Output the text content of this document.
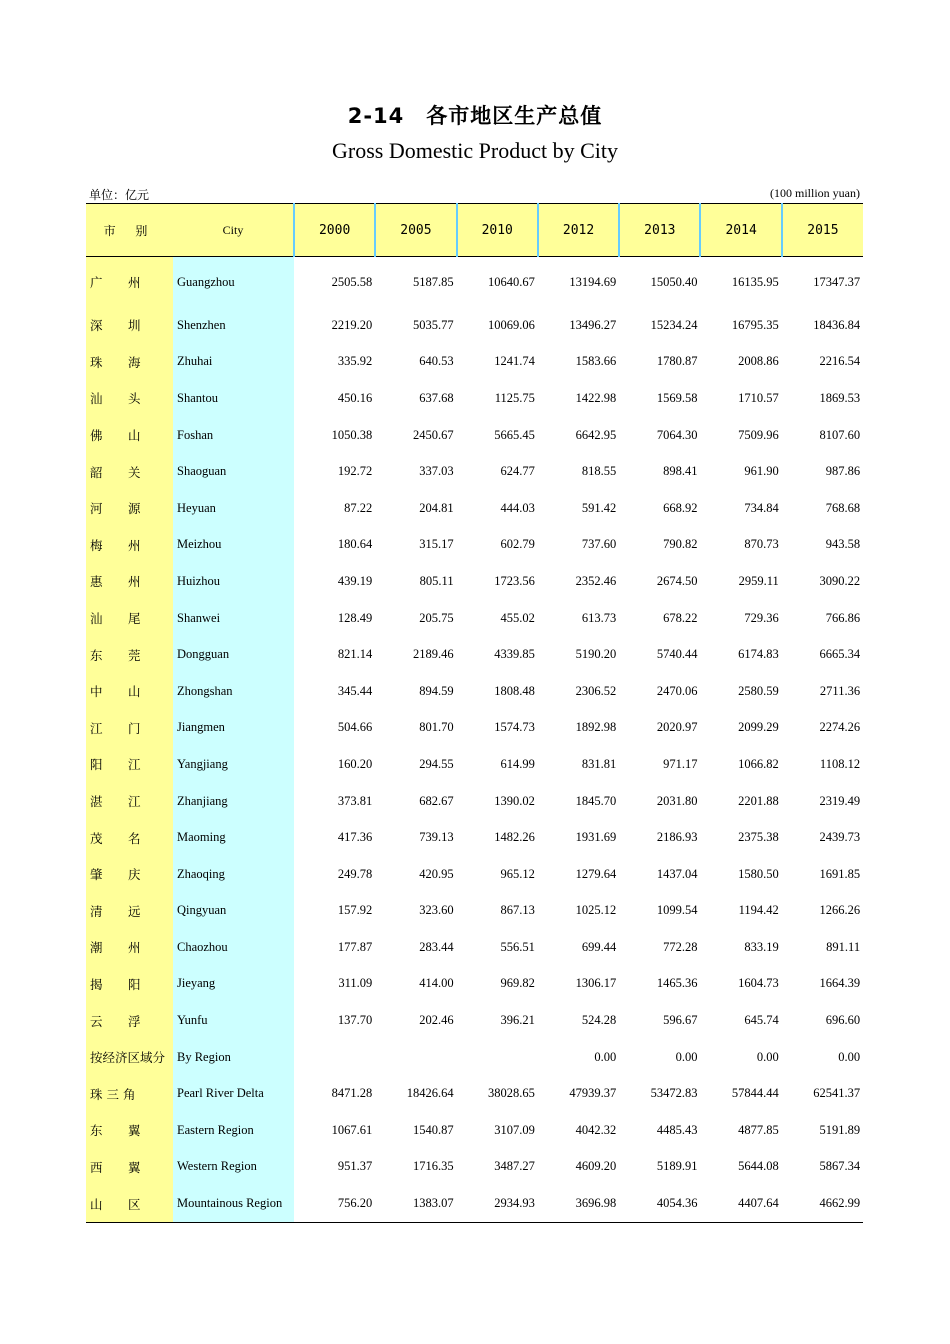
2-14　各市地区生产总值
Gross Domestic Product by City
单位：亿元	(100 million yuan)
市 别	City	2000	2005	2010	2012	2013	2014	2015
广 州	Guangzhou	2505.58	5187.85	10640.67	13194.69	15050.40	16135.95	17347.37
深 圳	Shenzhen	2219.20	5035.77	10069.06	13496.27	15234.24	16795.35	18436.84
珠 海	Zhuhai	335.92	640.53	1241.74	1583.66	1780.87	2008.86	2216.54
汕 头	Shantou	450.16	637.68	1125.75	1422.98	1569.58	1710.57	1869.53
佛 山	Foshan	1050.38	2450.67	5665.45	6642.95	7064.30	7509.96	8107.60
韶 关	Shaoguan	192.72	337.03	624.77	818.55	898.41	961.90	987.86
河 源	Heyuan	87.22	204.81	444.03	591.42	668.92	734.84	768.68
梅 州	Meizhou	180.64	315.17	602.79	737.60	790.82	870.73	943.58
惠 州	Huizhou	439.19	805.11	1723.56	2352.46	2674.50	2959.11	3090.22
汕 尾	Shanwei	128.49	205.75	455.02	613.73	678.22	729.36	766.86
东 莞	Dongguan	821.14	2189.46	4339.85	5190.20	5740.44	6174.83	6665.34
中 山	Zhongshan	345.44	894.59	1808.48	2306.52	2470.06	2580.59	2711.36
江 门	Jiangmen	504.66	801.70	1574.73	1892.98	2020.97	2099.29	2274.26
阳 江	Yangjiang	160.20	294.55	614.99	831.81	971.17	1066.82	1108.12
湛 江	Zhanjiang	373.81	682.67	1390.02	1845.70	2031.80	2201.88	2319.49
茂 名	Maoming	417.36	739.13	1482.26	1931.69	2186.93	2375.38	2439.73
肇 庆	Zhaoqing	249.78	420.95	965.12	1279.64	1437.04	1580.50	1691.85
清 远	Qingyuan	157.92	323.60	867.13	1025.12	1099.54	1194.42	1266.26
潮 州	Chaozhou	177.87	283.44	556.51	699.44	772.28	833.19	891.11
揭 阳	Jieyang	311.09	414.00	969.82	1306.17	1465.36	1604.73	1664.39
云 浮	Yunfu	137.70	202.46	396.21	524.28	596.67	645.74	696.60
按经济区域分	By Region				0.00	0.00	0.00	0.00
珠 三 角	Pearl River Delta	8471.28	18426.64	38028.65	47939.37	53472.83	57844.44	62541.37
东 翼	Eastern Region	1067.61	1540.87	3107.09	4042.32	4485.43	4877.85	5191.89
西 翼	Western Region	951.37	1716.35	3487.27	4609.20	5189.91	5644.08	5867.34
山 区	Mountainous Region	756.20	1383.07	2934.93	3696.98	4054.36	4407.64	4662.99
